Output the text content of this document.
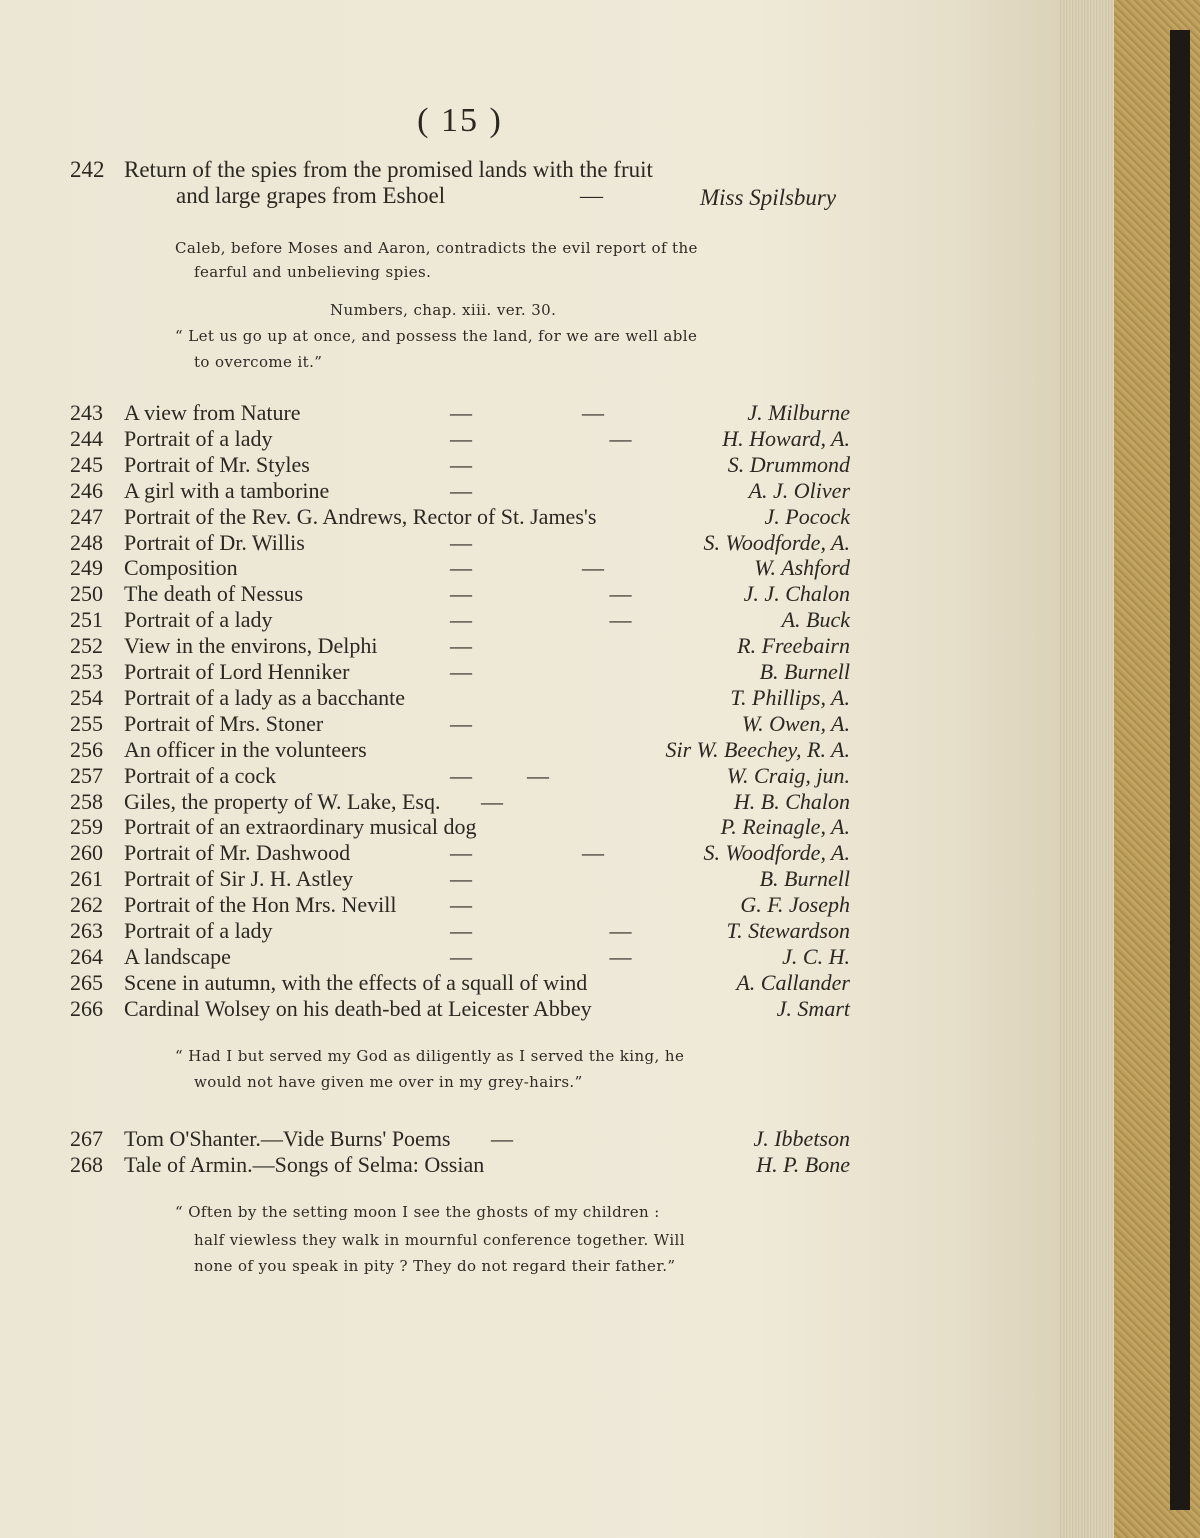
( 15 )
242 Return of the spies from the promised lands with the fruit
and large grapes from Eshoel	—	Miss Spilsbury
Caleb, before Moses and Aaron, contradicts the evil report of the
fearful and unbelieving spies.
Numbers, chap. xiii. ver. 30.
“ Let us go up at once, and possess the land, for we are well able
to overcome it.”
243 A view from Nature	—                    —	J. Milburne
244 Portrait of a lady	—                         —	H. Howard, A.
245 Portrait of Mr. Styles	—	S. Drummond
246 A girl with a tamborine	—	A. J. Oliver
247 Portrait of the Rev. G. Andrews, Rector of St. James's	J. Pocock
248 Portrait of Dr. Willis	—	S. Woodforde, A.
249 Composition	—                    —	W. Ashford
250 The death of Nessus	—                         —	J. J. Chalon
251 Portrait of a lady	—                         —	A. Buck
252 View in the environs, Delphi	—	R. Freebairn
253 Portrait of Lord Henniker	—	B. Burnell
254 Portrait of a lady as a bacchante	T. Phillips, A.
255 Portrait of Mrs. Stoner	—	W. Owen, A.
256 An officer in the volunteers	Sir W. Beechey, R. A.
257 Portrait of a cock	—          —	W. Craig, jun.
258 Giles, the property of W. Lake, Esq. —	H. B. Chalon
259 Portrait of an extraordinary musical dog	P. Reinagle, A.
260 Portrait of Mr. Dashwood	—                    —	S. Woodforde, A.
261 Portrait of Sir J. H. Astley	—	B. Burnell
262 Portrait of the Hon Mrs. Nevill —	G. F. Joseph
263 Portrait of a lady	—                         —	T. Stewardson
264 A landscape	—                         —	J. C. H.
265 Scene in autumn, with the effects of a squall of wind	A. Callander
266 Cardinal Wolsey on his death-bed at Leicester Abbey	J. Smart
“ Had I but served my God as diligently as I served the king, he
would not have given me over in my grey-hairs.”
267 Tom O'Shanter.—Vide Burns' Poems —	J. Ibbetson
268 Tale of Armin.—Songs of Selma: Ossian	H. P. Bone
“ Often by the setting moon I see the ghosts of my children :
half viewless they walk in mournful conference together. Will
none of you speak in pity ? They do not regard their father.”
